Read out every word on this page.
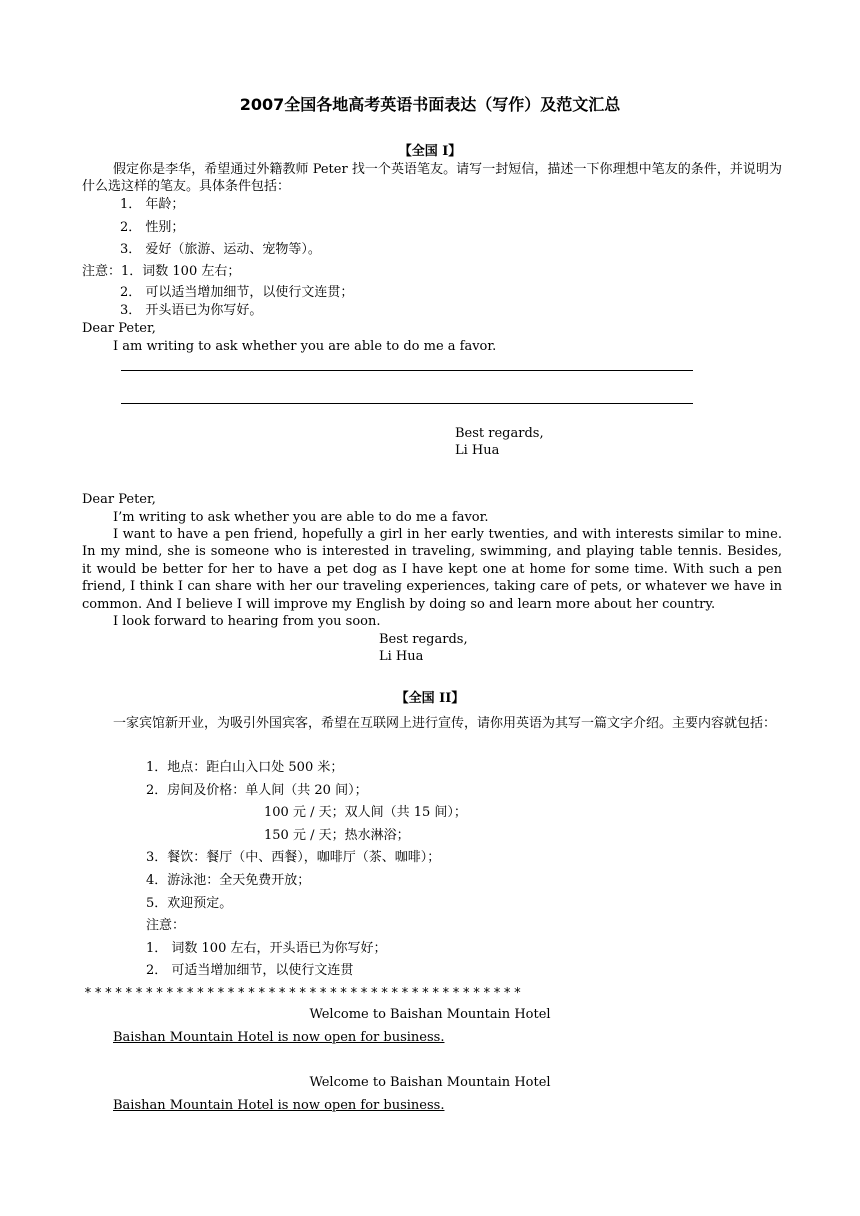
2007全国各地高考英语书面表达（写作）及范文汇总
【全国 I】
假定你是李华，希望通过外籍教师 Peter 找一个英语笔友。请写一封短信，描述一下你理想中笔友的条件，并说明为什么选这样的笔友。具体条件包括：
1． 年龄；
2． 性别；
3． 爱好（旅游、运动、宠物等）。
注意：1．词数 100 左右；
2． 可以适当增加细节，以使行文连贯；
3． 开头语已为你写好。
Dear Peter,
I am writing to ask whether you are able to do me a favor.
Best regards,
Li Hua
Dear Peter,
I’m writing to ask whether you are able to do me a favor.
I want to have a pen friend, hopefully a girl in her early twenties, and with interests similar to mine. In my mind, she is someone who is interested in traveling, swimming, and playing table tennis. Besides, it would be better for her to have a pet dog as I have kept one at home for some time. With such a pen friend, I think I can share with her our traveling experiences, taking care of pets, or whatever we have in common. And I believe I will improve my English by doing so and learn more about her country.
I look forward to hearing from you soon.
Best regards,
Li Hua
【全国 II】
一家宾馆新开业，为吸引外国宾客，希望在互联网上进行宣传，请你用英语为其写一篇文字介绍。主要内容就包括：
1．地点：距白山入口处 500 米；
2．房间及价格：单人间（共 20 间）；
100 元 / 天；双人间（共 15 间）；
150 元 / 天；热水淋浴；
3．餐饮：餐厅（中、西餐），咖啡厅（茶、咖啡）；
4．游泳池：全天免费开放；
5．欢迎预定。
注意：
1． 词数 100 左右，开头语已为你写好；
2． 可适当增加细节，以使行文连贯
*******************************************
Welcome to Baishan Mountain Hotel
Baishan Mountain Hotel is now open for business.
Welcome to Baishan Mountain Hotel
Baishan Mountain Hotel is now open for business.
